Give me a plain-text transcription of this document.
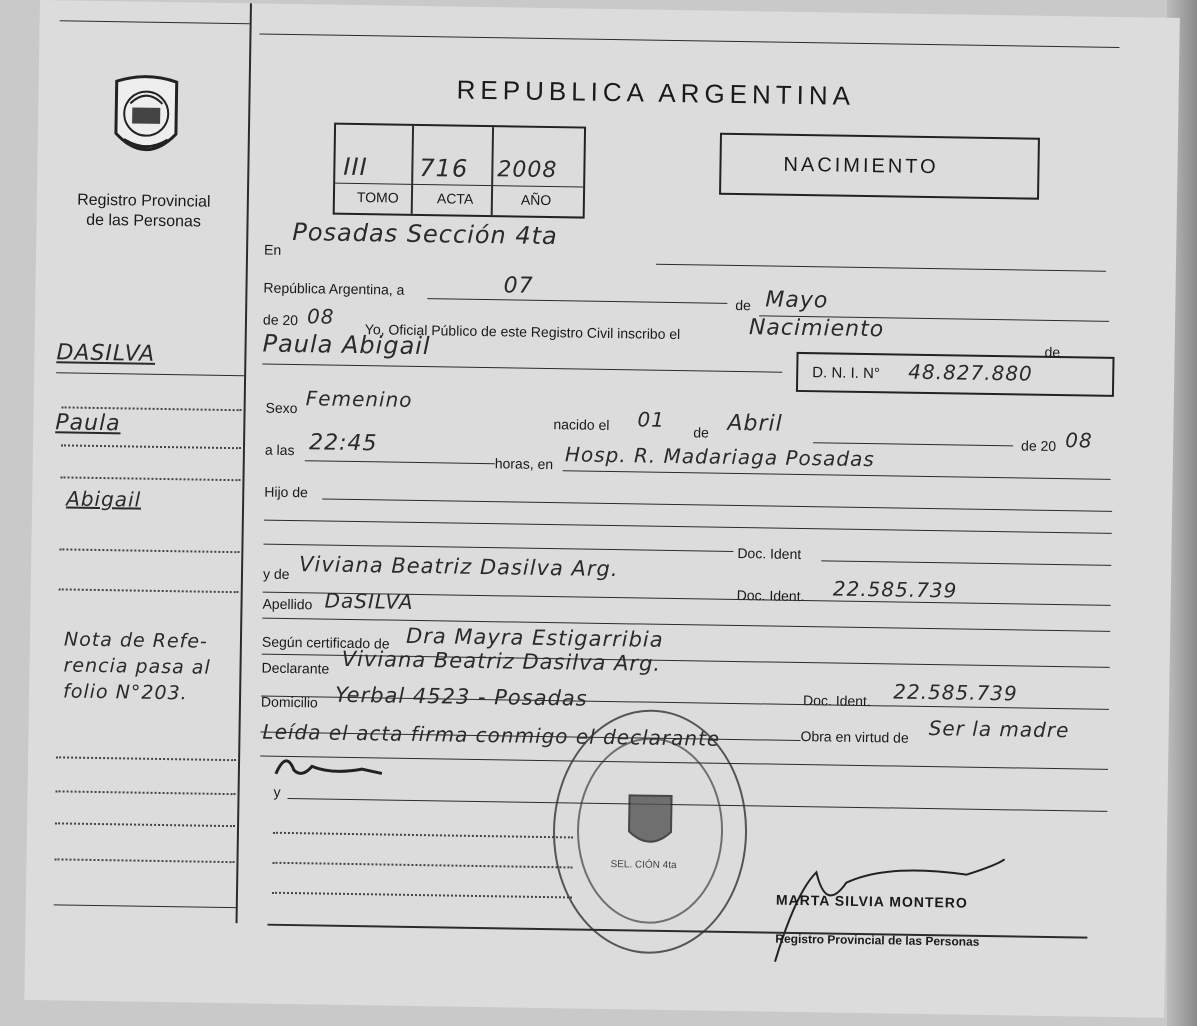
Registro Provincial
de las Personas
REPUBLICA ARGENTINA
III 716 2008
TOMO	ACTA	AÑO
NACIMIENTO
En Posadas Sección 4ta
República Argentina, a	07
de Mayo
de 20 08
Yo, Oficial Público de este Registro Civil inscribo el	Nacimiento
de
Paula Abigail
D. N. I. N° 48.827.880
Sexo Femenino
nacido el 01
de Abril
de 20 08
a las 22:45
horas, en Hosp. R. Madariaga Posadas
Hijo de
Doc. Ident
y de Viviana Beatriz Dasilva Arg.
Doc. Ident. 22.585.739
Apellido DaSILVA
Según certificado de Dra Mayra Estigarribia
Declarante Viviana Beatriz Dasilva Arg.
Doc. Ident. 22.585.739
Domicilio Yerbal 4523 - Posadas
Obra en virtud de Ser la madre
Leída el acta firma conmigo el declarante
y
DASILVA
Paula
Abigail
Nota de Refe-
rencia pasa al
folio N°203.
SEL. CIÓN 4ta
MARTA SILVIA MONTERO
Registro Provincial de las Personas
